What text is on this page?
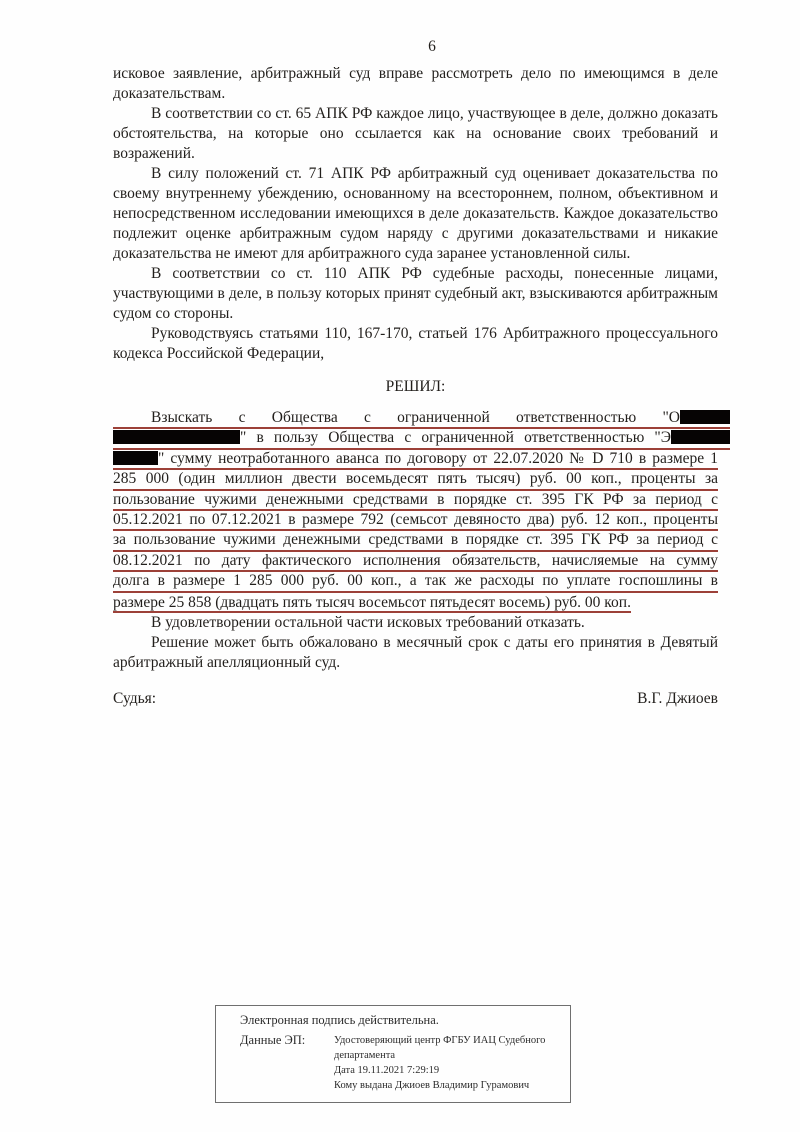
6
исковое заявление, арбитражный суд вправе рассмотреть дело по имеющимся в деле доказательствам.
В соответствии со ст. 65 АПК РФ каждое лицо, участвующее в деле, должно доказать обстоятельства, на которые оно ссылается как на основание своих требований и возражений.
В силу положений ст. 71 АПК РФ арбитражный суд оценивает доказательства по своему внутреннему убеждению, основанному на всестороннем, полном, объективном и непосредственном исследовании имеющихся в деле доказательств. Каждое доказательство подлежит оценке арбитражным судом наряду с другими доказательствами и никакие доказательства не имеют для арбитражного суда заранее установленной силы.
В соответствии со ст. 110 АПК РФ судебные расходы, понесенные лицами, участвующими в деле, в пользу которых принят судебный акт, взыскиваются арбитражным судом со стороны.
Руководствуясь статьями 110, 167-170, статьей 176 Арбитражного процессуального кодекса Российской Федерации,
РЕШИЛ:
Взыскать с Общества с ограниченной ответственностью "О
" в пользу Общества с ограниченной ответственностью "Э
" сумму неотработанного аванса по договору от 22.07.2020 № D 710 в размере 1
285 000 (один миллион двести восемьдесят пять тысяч) руб. 00 коп., проценты за
пользование чужими денежными средствами в порядке ст. 395 ГК РФ за период с
05.12.2021 по 07.12.2021 в размере 792 (семьсот девяносто два) руб. 12 коп., проценты
за пользование чужими денежными средствами в порядке ст. 395 ГК РФ за период с
08.12.2021 по дату фактического исполнения обязательств, начисляемые на сумму
долга в размере 1 285 000 руб. 00 коп., а так же расходы по уплате госпошлины в
размере 25 858 (двадцать пять тысяч восемьсот пятьдесят восемь) руб. 00 коп.
В удовлетворении остальной части исковых требований отказать.
Решение может быть обжаловано в месячный срок с даты его принятия в Девятый арбитражный апелляционный суд.
Судья:	В.Г. Джиоев
Электронная подпись действительна.
Данные ЭП:	Удостоверяющий центр ФГБУ ИАЦ Судебного департамента
Дата 19.11.2021 7:29:19
Кому выдана Джиоев Владимир Гурамович
